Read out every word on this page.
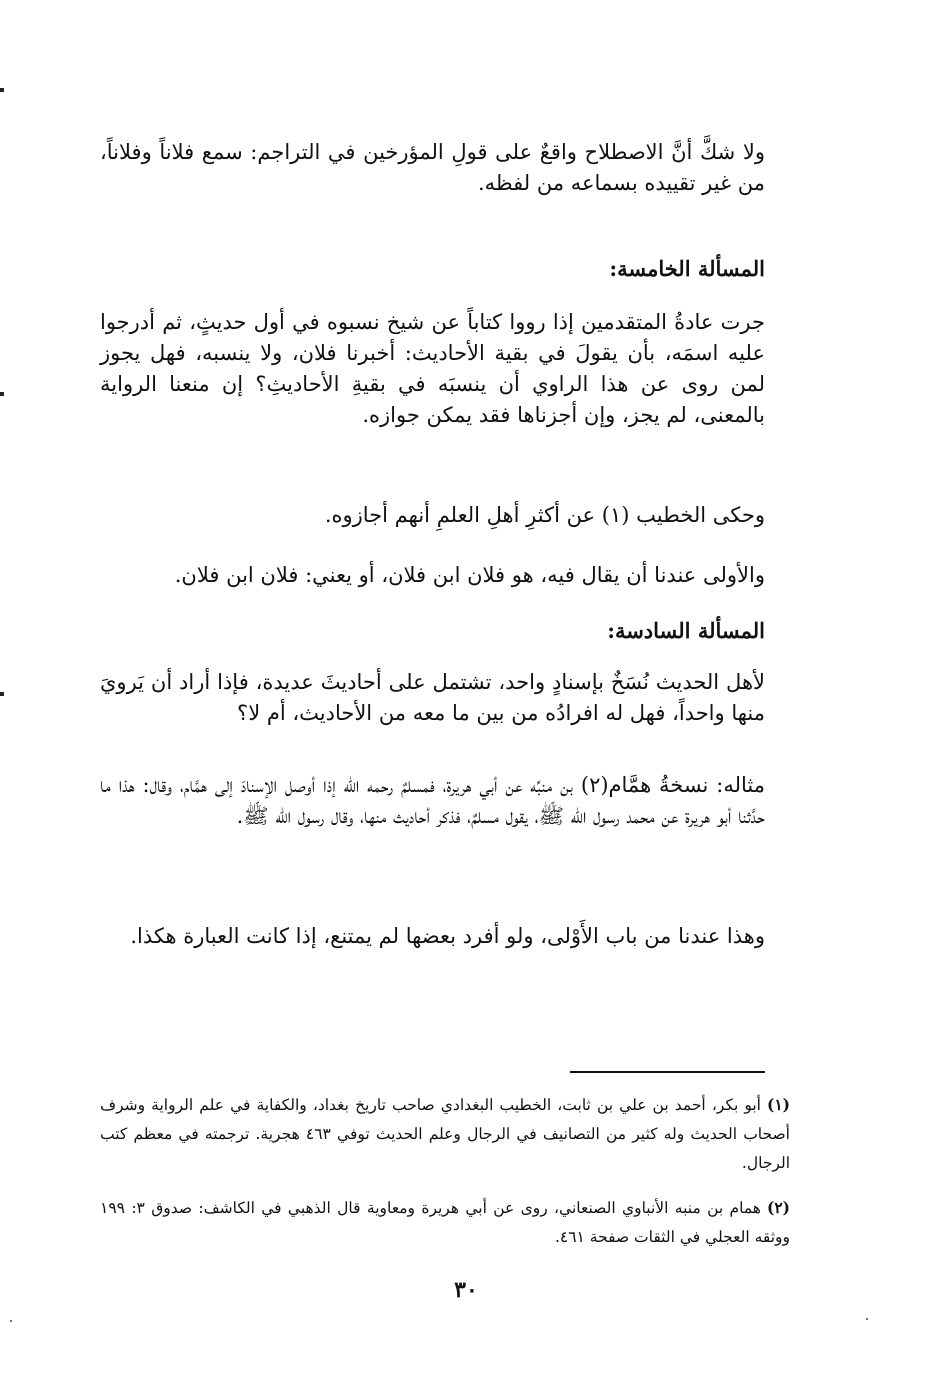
ولا شكَّ أنَّ الاصطلاح واقعٌ على قولِ المؤرخين في التراجم: سمع فلاناً وفلاناً، من غير تقييده بسماعه من لفظه.

المسألة الخامسة:

جرت عادةُ المتقدمين إذا رووا كتاباً عن شيخ نسبوه في أول حديثٍ، ثم أدرجوا عليه اسمَه، بأن يقولَ في بقية الأحاديث: أخبرنا فلان، ولا ينسبه، فهل يجوز لمن روى عن هذا الراوي أن ينسبَه في بقيةِ الأحاديثِ؟ إن منعنا الرواية بالمعنى، لم يجز، وإن أجزناها فقد يمكن جوازه.

وحكى الخطيب (١) عن أكثرِ أهلِ العلمِ أنهم أجازوه.

والأولى عندنا أن يقال فيه، هو فلان ابن فلان، أو يعني: فلان ابن فلان.

المسألة السادسة:

لأهل الحديث نُسَخٌ بإسنادٍ واحد، تشتمل على أحاديثَ عديدة، فإذا أراد أن يَرويَ منها واحداً، فهل له افرادُه من بين ما معه من الأحاديث، أم لا؟

مثاله: نسخةُ همَّام(٢) بن منبِّه عن أبي هريرة، فمسلمٌ رحمه الله إذا أوصل الإسنادَ إلى همَّام، وقال: هذا ما حدَّثنا أبو هريرة عن محمد رسول الله ﷺ، يقول مسلمٌ، فذكر أحاديث منها، وقال رسول الله ﷺ.

وهذا عندنا من باب الأَوْلى، ولو أفرد بعضها لم يمتنع، إذا كانت العبارة هكذا.

(١)أبو بكر، أحمد بن علي بن ثابت، الخطيب البغدادي صاحب تاريخ بغداد، والكفاية في علم الرواية وشرف أصحاب الحديث وله كثير من التصانيف في الرجال وعلم الحديث توفي ٤٦٣ هجرية. ترجمته في معظم كتب الرجال.

(٢)همام بن منبه الأنباوي الصنعاني، روى عن أبي هريرة ومعاوية قال الذهبي في الكاشف: صدوق ٣: ١٩٩ ووثقه العجلي في الثقات صفحة ٤٦١.

٣٠
